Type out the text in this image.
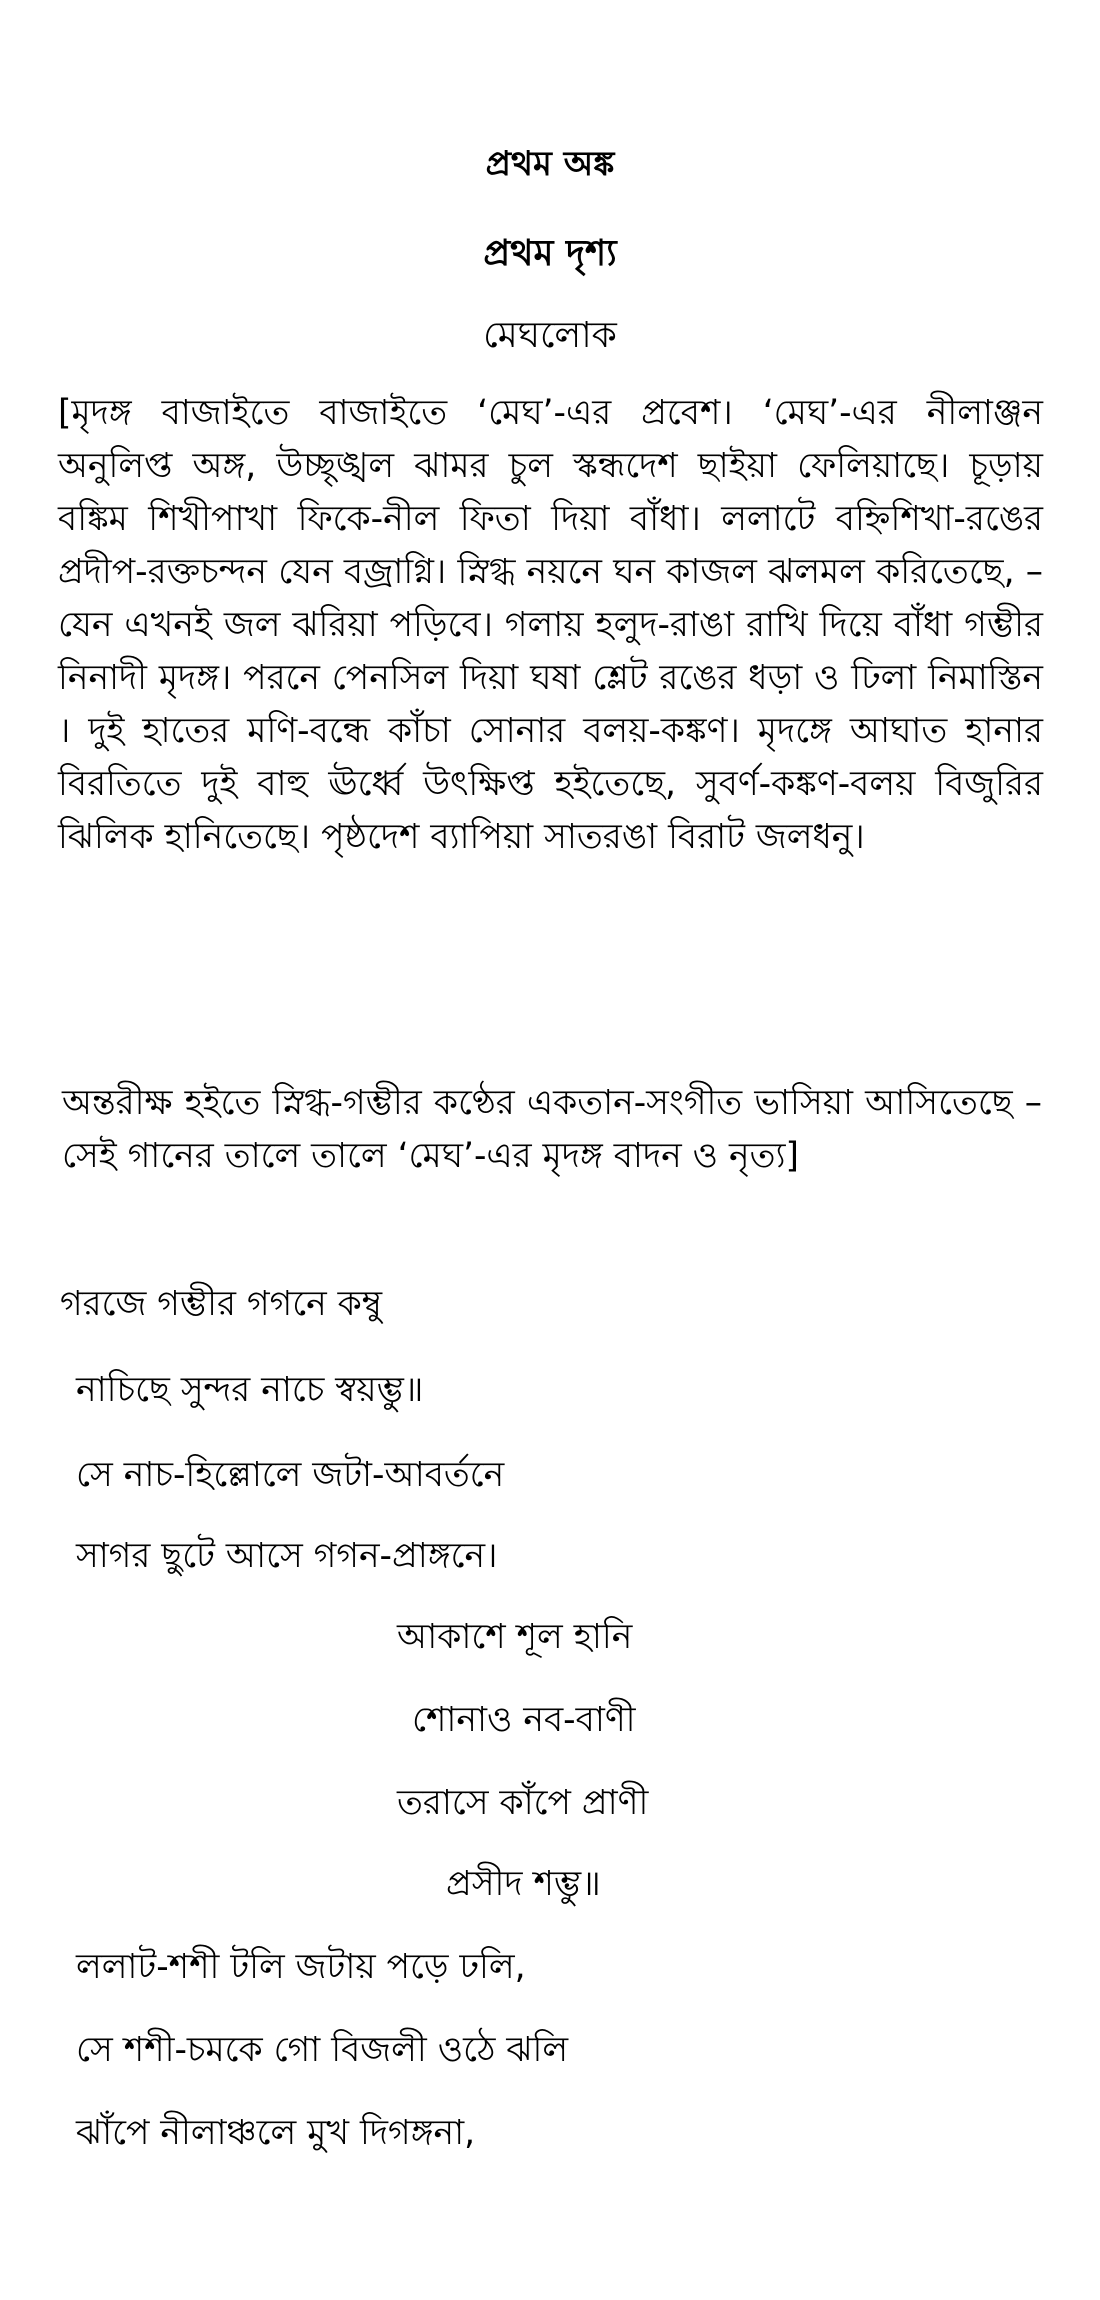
প্রথম অঙ্ক
প্রথম দৃশ্য
মেঘলোক

[মৃদঙ্গ বাজাইতে বাজাইতে ‘মেঘ’-এর প্রবেশ। ‘মেঘ’-এর নীলাঞ্জন অনুলিপ্ত অঙ্গ, উচ্ছৃঙ্খল ঝামর চুল স্কন্ধদেশ ছাইয়া ফেলিয়াছে। চূড়ায় বঙ্কিম শিখীপাখা ফিকে-নীল ফিতা দিয়া বাঁধা। ললাটে বহ্নিশিখা-রঙের প্রদীপ-রক্তচন্দন যেন বজ্রাগ্নি। স্নিগ্ধ নয়নে ঘন কাজল ঝলমল করিতেছে, – যেন এখনই জল ঝরিয়া পড়িবে। গলায় হলুদ-রাঙা রাখি দিয়ে বাঁধা গম্ভীর নিনাদী মৃদঙ্গ। পরনে পেনসিল দিয়া ঘষা শ্লেট রঙের ধড়া ও ঢিলা নিমাস্তিন । দুই হাতের মণি-বন্ধে কাঁচা সোনার বলয়-কঙ্কণ। মৃদঙ্গে আঘাত হানার বিরতিতে দুই বাহু ঊর্ধ্বে উৎক্ষিপ্ত হইতেছে, সুবর্ণ-কঙ্কণ-বলয় বিজুরির ঝিলিক হানিতেছে। পৃষ্ঠদেশ ব্যাপিয়া সাতরঙা বিরাট জলধনু।

অন্তরীক্ষ হইতে স্নিগ্ধ-গম্ভীর কণ্ঠের একতান-সংগীত ভাসিয়া আসিতেছে – সেই গানের তালে তালে ‘মেঘ’-এর মৃদঙ্গ বাদন ও নৃত্য]

গরজে গম্ভীর গগনে কম্বু
নাচিছে সুন্দর নাচে স্বয়ম্ভু॥
সে নাচ-হিল্লোলে জটা-আবর্তনে
সাগর ছুটে আসে গগন-প্রাঙ্গনে।
আকাশে শূল হানি
শোনাও নব-বাণী
তরাসে কাঁপে প্রাণী
প্রসীদ শম্ভু॥
ললাট-শশী টলি জটায় পড়ে ঢলি,
সে শশী-চমকে গো বিজলী ওঠে ঝলি
ঝাঁপে নীলাঞ্চলে মুখ দিগঙ্গনা,
